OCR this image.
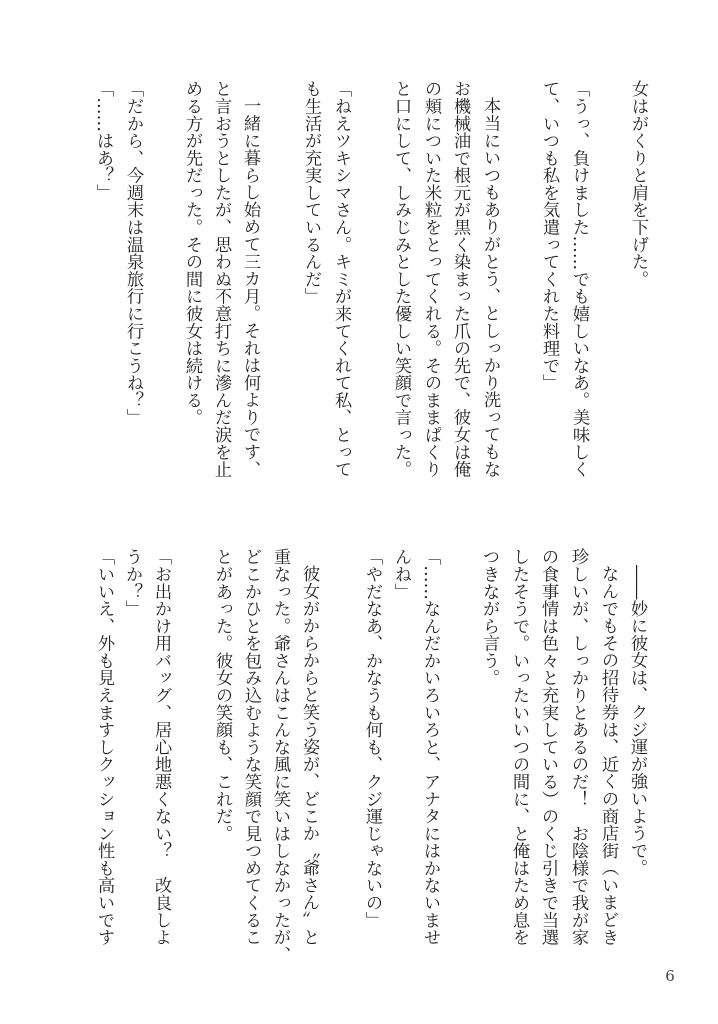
女はがくりと肩を下げた。
「うっ、負けました……でも嬉しいなあ。美味しく
て、いつも私を気遣ってくれた料理で」
本当にいつもありがとう、としっかり洗ってもな
お機械油で根元が黒く染まった爪の先で、彼女は俺
の頬についた米粒をとってくれる。そのままぱくり
と口にして、しみじみとした優しい笑顔で言った。
「ねえツキシマさん。キミが来てくれて私、とって
も生活が充実しているんだ」
一緒に暮らし始めて三カ月。それは何よりです、
と言おうとしたが、思わぬ不意打ちに滲んだ涙を止
める方が先だった。その間に彼女は続ける。
「だから、今週末は温泉旅行に行こうね？」
「……はあ？」
――妙に彼女は、クジ運が強いようで。
なんでもその招待券は、近くの商店街（いまどき
珍しいが、しっかりとあるのだ！　お陰様で我が家
の食事情は色々と充実している）のくじ引きで当選
したそうで。いったいいつの間に、と俺はため息を
つきながら言う。
「……なんだかいろいろと、アナタにはかないませ
んね」
「やだなあ、かなうも何も、クジ運じゃないの」
彼女がからからと笑う姿が、どこか〝爺さん〟と
重なった。爺さんはこんな風に笑いはしなかったが、
どこかひとを包み込むような笑顔で見つめてくるこ
とがあった。彼女の笑顔も、これだ。
「お出かけ用バッグ、居心地悪くない？　改良しよ
うか？」
「いいえ、外も見えますしクッション性も高いです
6
